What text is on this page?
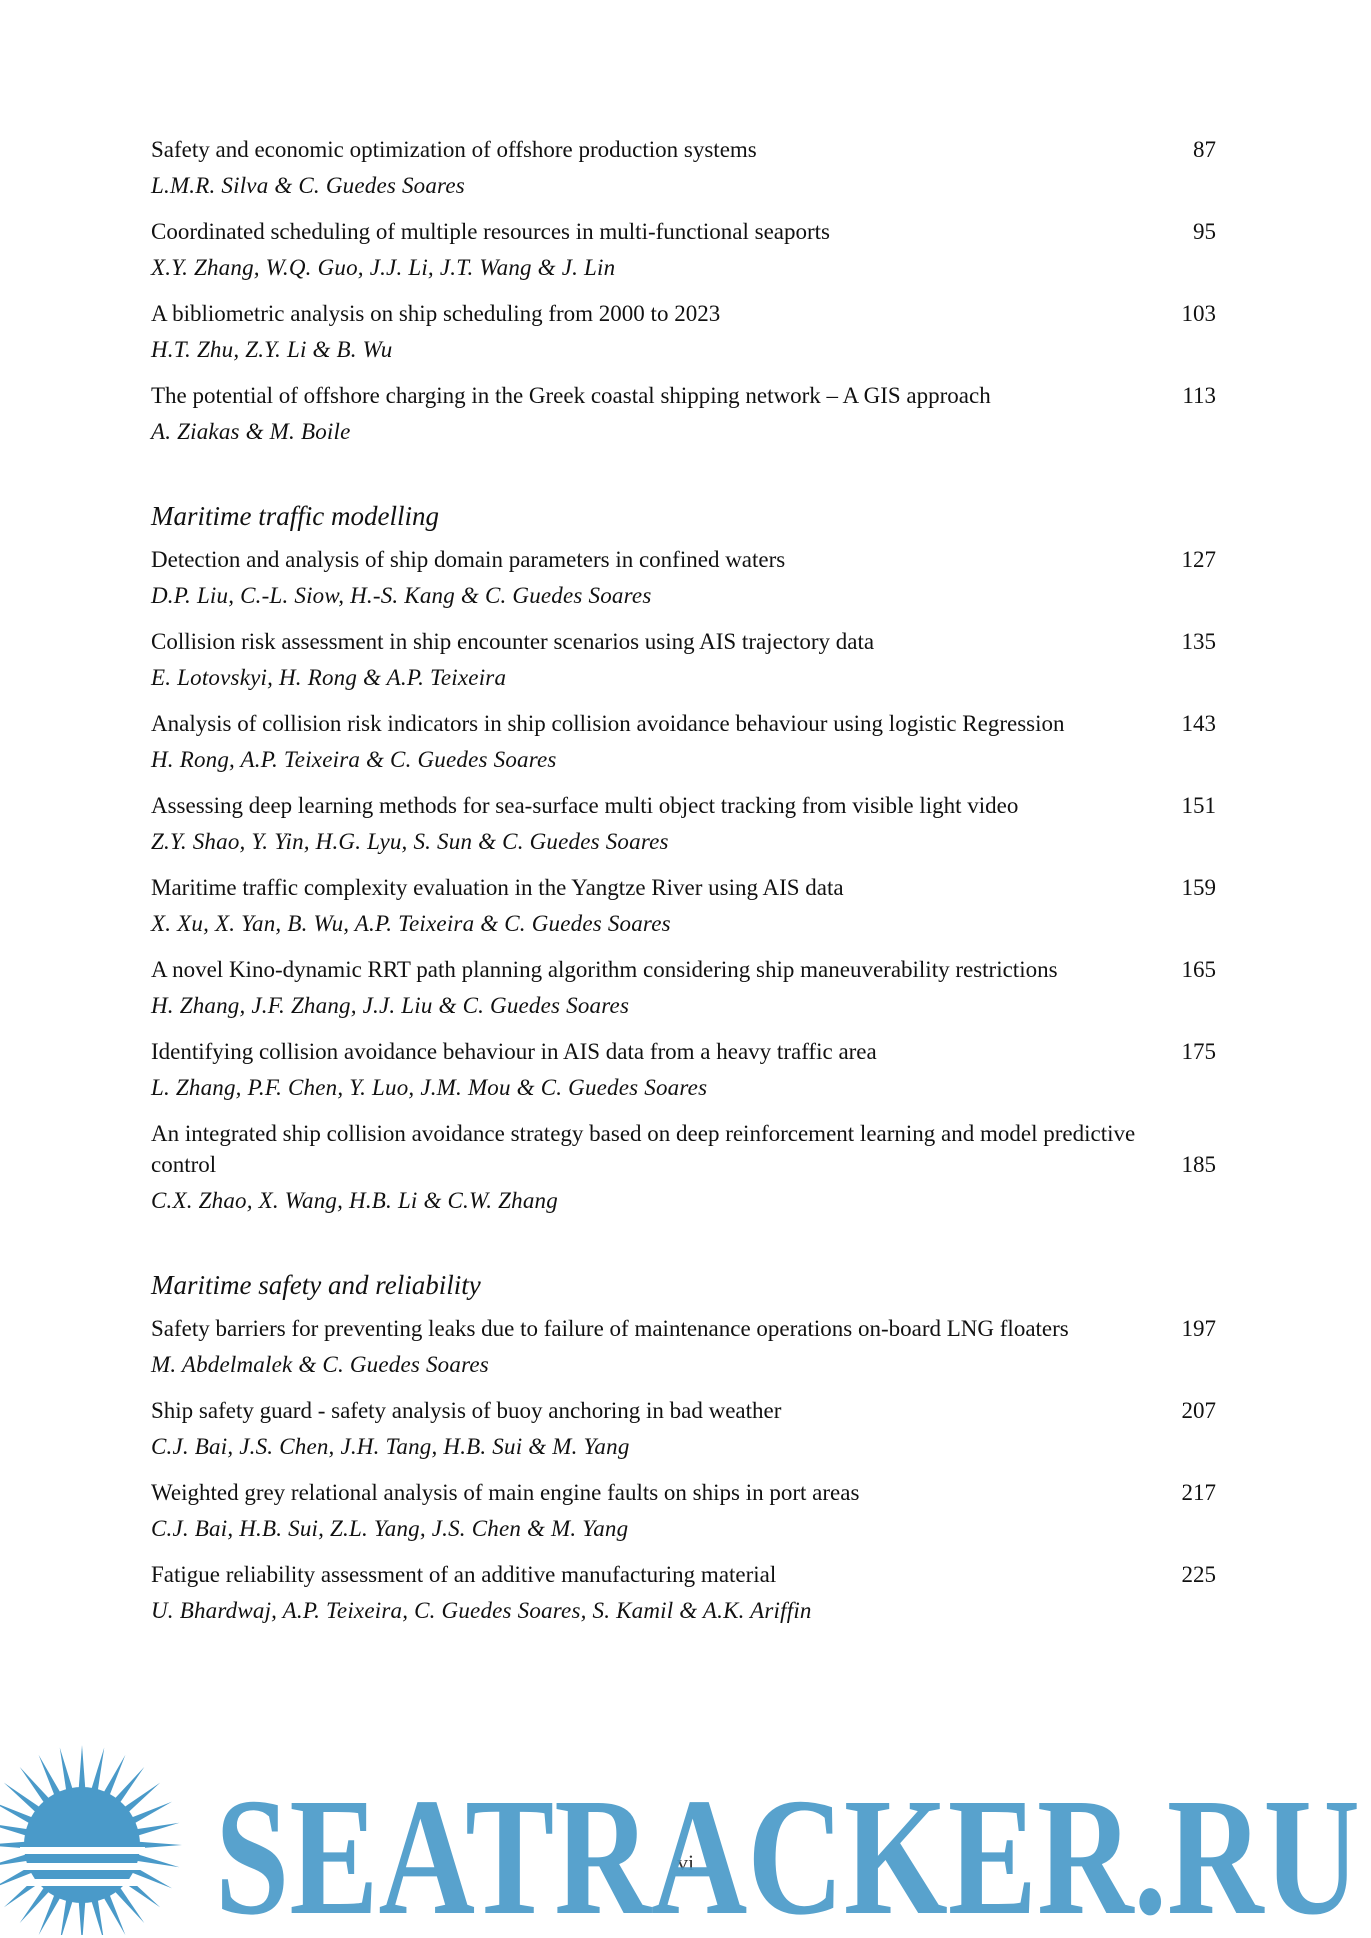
Safety and economic optimization of offshore production systems	87
L.M.R. Silva & C. Guedes Soares
Coordinated scheduling of multiple resources in multi-functional seaports	95
X.Y. Zhang, W.Q. Guo, J.J. Li, J.T. Wang & J. Lin
A bibliometric analysis on ship scheduling from 2000 to 2023	103
H.T. Zhu, Z.Y. Li & B. Wu
The potential of offshore charging in the Greek coastal shipping network – A GIS approach	113
A. Ziakas & M. Boile
Maritime traffic modelling
Detection and analysis of ship domain parameters in confined waters	127
D.P. Liu, C.-L. Siow, H.-S. Kang & C. Guedes Soares
Collision risk assessment in ship encounter scenarios using AIS trajectory data	135
E. Lotovskyi, H. Rong & A.P. Teixeira
Analysis of collision risk indicators in ship collision avoidance behaviour using logistic Regression	143
H. Rong, A.P. Teixeira & C. Guedes Soares
Assessing deep learning methods for sea-surface multi object tracking from visible light video	151
Z.Y. Shao, Y. Yin, H.G. Lyu, S. Sun & C. Guedes Soares
Maritime traffic complexity evaluation in the Yangtze River using AIS data	159
X. Xu, X. Yan, B. Wu, A.P. Teixeira & C. Guedes Soares
A novel Kino-dynamic RRT path planning algorithm considering ship maneuverability restrictions	165
H. Zhang, J.F. Zhang, J.J. Liu & C. Guedes Soares
Identifying collision avoidance behaviour in AIS data from a heavy traffic area	175
L. Zhang, P.F. Chen, Y. Luo, J.M. Mou & C. Guedes Soares
An integrated ship collision avoidance strategy based on deep reinforcement learning and model predictive control	185
C.X. Zhao, X. Wang, H.B. Li & C.W. Zhang
Maritime safety and reliability
Safety barriers for preventing leaks due to failure of maintenance operations on-board LNG floaters	197
M. Abdelmalek & C. Guedes Soares
Ship safety guard - safety analysis of buoy anchoring in bad weather	207
C.J. Bai, J.S. Chen, J.H. Tang, H.B. Sui & M. Yang
Weighted grey relational analysis of main engine faults on ships in port areas	217
C.J. Bai, H.B. Sui, Z.L. Yang, J.S. Chen & M. Yang
Fatigue reliability assessment of an additive manufacturing material	225
U. Bhardwaj, A.P. Teixeira, C. Guedes Soares, S. Kamil & A.K. Ariffin
vi
SEATRACKER.RU
